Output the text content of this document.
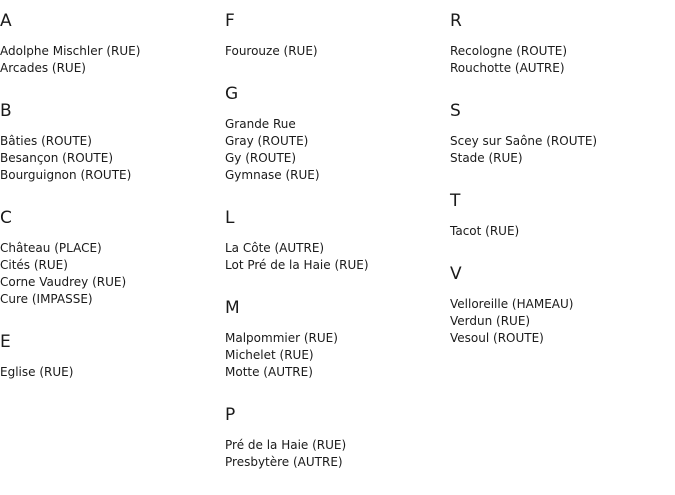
A
Adolphe Mischler (RUE)
Arcades (RUE)
B
Bâties (ROUTE)
Besançon (ROUTE)
Bourguignon (ROUTE)
C
Château (PLACE)
Cités (RUE)
Corne Vaudrey (RUE)
Cure (IMPASSE)
E
Eglise (RUE)
F
Fourouze (RUE)
G
Grande Rue
Gray (ROUTE)
Gy (ROUTE)
Gymnase (RUE)
L
La Côte (AUTRE)
Lot Pré de la Haie (RUE)
M
Malpommier (RUE)
Michelet (RUE)
Motte (AUTRE)
P
Pré de la Haie (RUE)
Presbytère (AUTRE)
R
Recologne (ROUTE)
Rouchotte (AUTRE)
S
Scey sur Saône (ROUTE)
Stade (RUE)
T
Tacot (RUE)
V
Velloreille (HAMEAU)
Verdun (RUE)
Vesoul (ROUTE)
